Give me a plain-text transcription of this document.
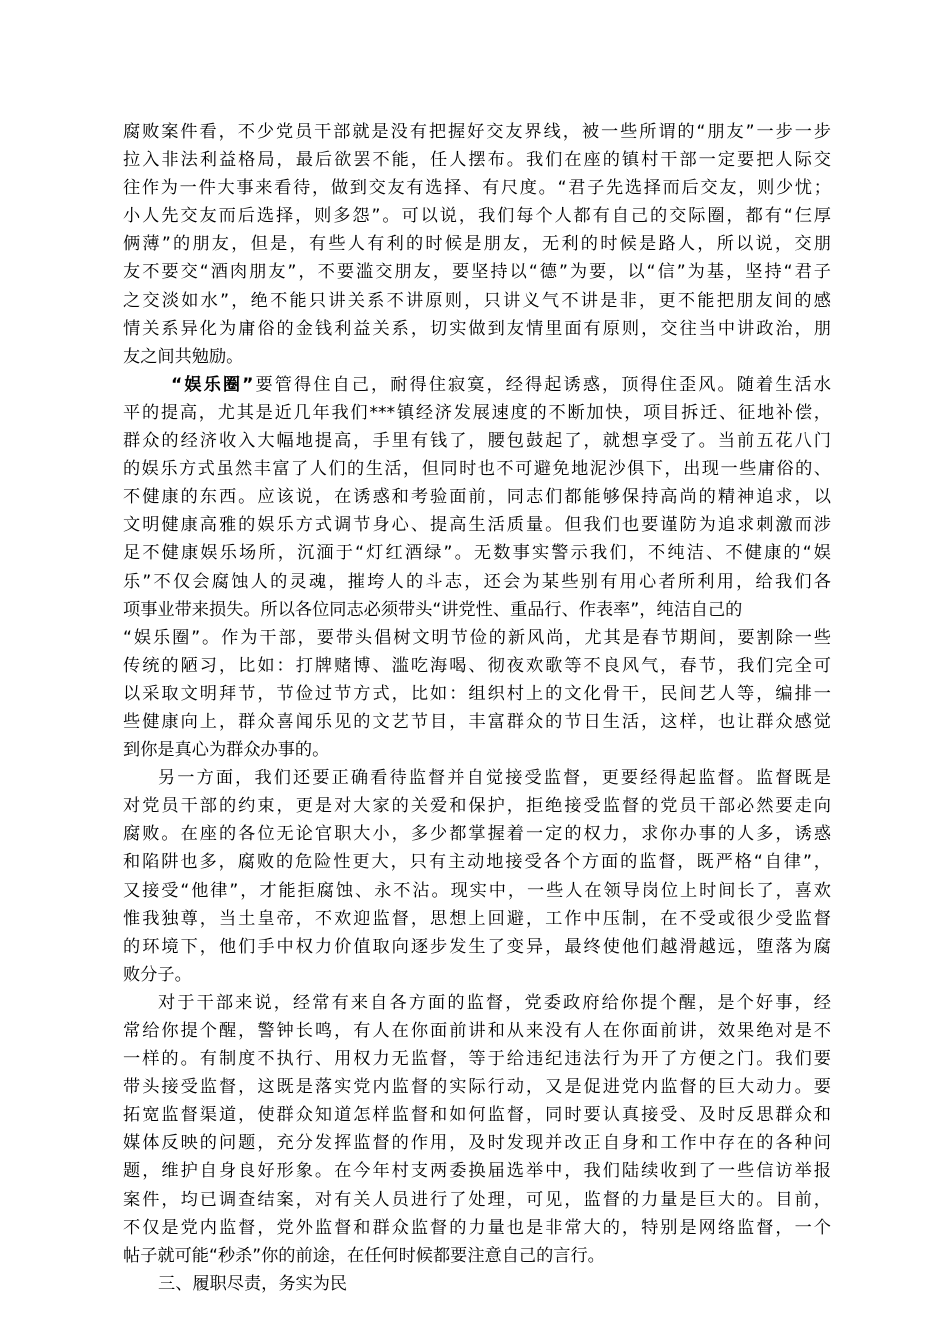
腐败案件看，不少党员干部就是没有把握好交友界线，被一些所谓的“朋友”一步一步
拉入非法利益格局，最后欲罢不能，任人摆布。我们在座的镇村干部一定要把人际交
往作为一件大事来看待，做到交友有选择、有尺度。“君子先选择而后交友，则少忧；
小人先交友而后选择，则多怨”。可以说，我们每个人都有自己的交际圈，都有“仨厚
俩薄”的朋友，但是，有些人有利的时候是朋友，无利的时候是路人，所以说，交朋
友不要交“酒肉朋友”，不要滥交朋友，要坚持以“德”为要，以“信”为基，坚持“君子
之交淡如水”，绝不能只讲关系不讲原则，只讲义气不讲是非，更不能把朋友间的感
情关系异化为庸俗的金钱利益关系，切实做到友情里面有原则，交往当中讲政治，朋
友之间共勉励。
“娱乐圈”要管得住自己，耐得住寂寞，经得起诱惑，顶得住歪风。随着生活水
平的提高，尤其是近几年我们***镇经济发展速度的不断加快，项目拆迁、征地补偿，
群众的经济收入大幅地提高，手里有钱了，腰包鼓起了，就想享受了。当前五花八门
的娱乐方式虽然丰富了人们的生活，但同时也不可避免地泥沙俱下，出现一些庸俗的、
不健康的东西。应该说，在诱惑和考验面前，同志们都能够保持高尚的精神追求，以
文明健康高雅的娱乐方式调节身心、提高生活质量。但我们也要谨防为追求刺激而涉
足不健康娱乐场所，沉湎于“灯红酒绿”。无数事实警示我们，不纯洁、不健康的“娱
乐”不仅会腐蚀人的灵魂，摧垮人的斗志，还会为某些别有用心者所利用，给我们各
项事业带来损失。所以各位同志必须带头“讲党性、重品行、作表率”，纯洁自己的
“娱乐圈”。作为干部，要带头倡树文明节俭的新风尚，尤其是春节期间，要割除一些
传统的陋习，比如：打牌赌博、滥吃海喝、彻夜欢歌等不良风气，春节，我们完全可
以采取文明拜节，节俭过节方式，比如：组织村上的文化骨干，民间艺人等，编排一
些健康向上，群众喜闻乐见的文艺节目，丰富群众的节日生活，这样，也让群众感觉
到你是真心为群众办事的。
另一方面，我们还要正确看待监督并自觉接受监督，更要经得起监督。监督既是
对党员干部的约束，更是对大家的关爱和保护，拒绝接受监督的党员干部必然要走向
腐败。在座的各位无论官职大小，多少都掌握着一定的权力，求你办事的人多，诱惑
和陷阱也多，腐败的危险性更大，只有主动地接受各个方面的监督，既严格“自律”，
又接受“他律”，才能拒腐蚀、永不沾。现实中，一些人在领导岗位上时间长了，喜欢
惟我独尊，当土皇帝，不欢迎监督，思想上回避，工作中压制，在不受或很少受监督
的环境下，他们手中权力价值取向逐步发生了变异，最终使他们越滑越远，堕落为腐
败分子。
对于干部来说，经常有来自各方面的监督，党委政府给你提个醒，是个好事，经
常给你提个醒，警钟长鸣，有人在你面前讲和从来没有人在你面前讲，效果绝对是不
一样的。有制度不执行、用权力无监督，等于给违纪违法行为开了方便之门。我们要
带头接受监督，这既是落实党内监督的实际行动，又是促进党内监督的巨大动力。要
拓宽监督渠道，使群众知道怎样监督和如何监督，同时要认真接受、及时反思群众和
媒体反映的问题，充分发挥监督的作用，及时发现并改正自身和工作中存在的各种问
题，维护自身良好形象。在今年村支两委换届选举中，我们陆续收到了一些信访举报
案件，均已调查结案，对有关人员进行了处理，可见，监督的力量是巨大的。目前，
不仅是党内监督，党外监督和群众监督的力量也是非常大的，特别是网络监督，一个
帖子就可能“秒杀”你的前途，在任何时候都要注意自己的言行。
三、履职尽责，务实为民
